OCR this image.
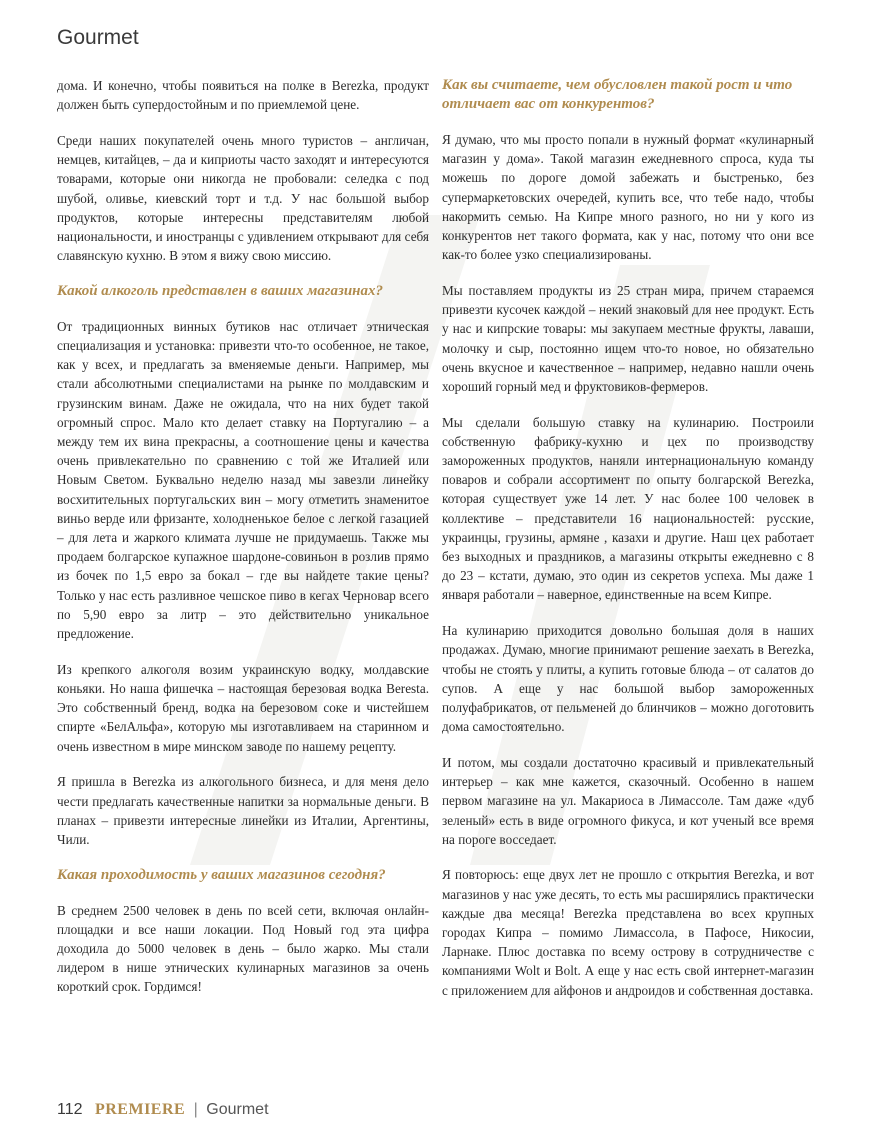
Gourmet

дома. И конечно, чтобы появиться на полке в Berezka, продукт должен быть супердостойным и по приемлемой цене.

Среди наших покупателей очень много туристов – англичан, немцев, китайцев, – да и киприоты часто заходят и интересуются товарами, которые они никогда не пробовали: селедка с под шубой, оливье, киевский торт и т.д. У нас большой выбор продуктов, которые интересны представителям любой национальности, и иностранцы с удивлением открывают для себя славянскую кухню. В этом я вижу свою миссию.

Какой алкоголь представлен в ваших магазинах?

От традиционных винных бутиков нас отличает этническая специализация и установка: привезти что-то особенное, не такое, как у всех, и предлагать за вменяемые деньги. Например, мы стали абсолютными специалистами на рынке по молдавским и грузинским винам. Даже не ожидала, что на них будет такой огромный спрос. Мало кто делает ставку на Португалию – а между тем их вина прекрасны, а соотношение цены и качества очень привлекательно по сравнению с той же Италией или Новым Светом. Буквально неделю назад мы завезли линейку восхитительных португальских вин – могу отметить знаменитое виньо верде или фризанте, холодненькое белое с легкой газацией – для лета и жаркого климата лучше не придумаешь. Также мы продаем болгарское купажное шардоне-совиньон в розлив прямо из бочек по 1,5 евро за бокал – где вы найдете такие цены? Только у нас есть разливное чешское пиво в кегах Черновар всего по 5,90 евро за литр – это действительно уникальное предложение.

Из крепкого алкоголя возим украинскую водку, молдавские коньяки. Но наша фишечка – настоящая березовая водка Beresta. Это собственный бренд, водка на березовом соке и чистейшем спирте «БелАльфа», которую мы изготавливаем на старинном и очень известном в мире минском заводе по нашему рецепту.

Я пришла в Berezka из алкогольного бизнеса, и для меня дело чести предлагать качественные напитки за нормальные деньги. В планах – привезти интересные линейки из Италии, Аргентины, Чили.

Какая проходимость у ваших магазинов сегодня?

В среднем 2500 человек в день по всей сети, включая онлайн-площадки и все наши локации. Под Новый год эта цифра доходила до 5000 человек в день – было жарко. Мы стали лидером в нише этнических кулинарных магазинов за очень короткий срок. Гордимся!

Как вы считаете, чем обусловлен такой рост и что отличает вас от конкурентов?

Я думаю, что мы просто попали в нужный формат «кулинарный магазин у дома». Такой магазин ежедневного спроса, куда ты можешь по дороге домой забежать и быстренько, без супермаркетовских очередей, купить все, что тебе надо, чтобы накормить семью. На Кипре много разного, но ни у кого из конкурентов нет такого формата, как у нас, потому что они все как-то более узко специализированы.

Мы поставляем продукты из 25 стран мира, причем стараемся привезти кусочек каждой – некий знаковый для нее продукт. Есть у нас и кипрские товары: мы закупаем местные фрукты, лаваши, молочку и сыр, постоянно ищем что-то новое, но обязательно очень вкусное и качественное – например, недавно нашли очень хороший горный мед и фруктовиков-фермеров.

Мы сделали большую ставку на кулинарию. Построили собственную фабрику-кухню и цех по производству замороженных продуктов, наняли интернациональную команду поваров и собрали ассортимент по опыту болгарской Berezka, которая существует уже 14 лет. У нас более 100 человек в коллективе – представители 16 национальностей: русские, украинцы, грузины, армяне , казахи и другие. Наш цех работает без выходных и праздников, а магазины открыты ежедневно с 8 до 23 – кстати, думаю, это один из секретов успеха. Мы даже 1 января работали – наверное, единственные на всем Кипре.

На кулинарию приходится довольно большая доля в наших продажах. Думаю, многие принимают решение заехать в Berezka, чтобы не стоять у плиты, а купить готовые блюда – от салатов до супов. А еще у нас большой выбор замороженных полуфабрикатов, от пельменей до блинчиков – можно доготовить дома самостоятельно.

И потом, мы создали достаточно красивый и привлекательный интерьер – как мне кажется, сказочный. Особенно в нашем первом магазине на ул. Макариоса в Лимассоле. Там даже «дуб зеленый» есть в виде огромного фикуса, и кот ученый все время на пороге восседает.

Я повторюсь: еще двух лет не прошло с открытия Berezka, и вот магазинов у нас уже десять, то есть мы расширялись практически каждые два месяца! Berezka представлена во всех крупных городах Кипра – помимо Лимассола, в Пафосе, Никосии, Ларнаке. Плюс доставка по всему острову в сотрудничестве с компаниями Wolt и Bolt. А еще у нас есть свой интернет-магазин с приложением для айфонов и андроидов и собственная доставка.

112 PREMIERE | Gourmet
